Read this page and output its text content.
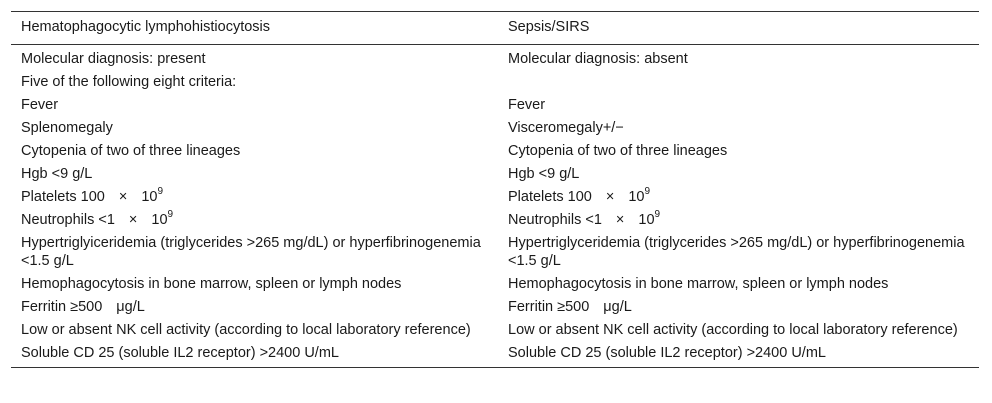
Hematophagocytic lymphohistiocytosis	Sepsis/SIRS
Molecular diagnosis: present	Molecular diagnosis: absent
Five of the following eight criteria:	
Fever	Fever
Splenomegaly	Visceromegaly+/−
Cytopenia of two of three lineages	Cytopenia of two of three lineages
Hgb <9 g/L	Hgb <9 g/L
Platelets $100 \times 10^9$	Platelets $100 \times 10^9$
Neutrophils $<1 \times 10^9$	Neutrophils $<1 \times 10^9$
Hypertriglyiceridemia (triglycerides >265 mg/dL) or hyperfibrinogenemia <1.5 g/L	Hypertriglyceridemia (triglycerides >265 mg/dL) or hyperfibrinogenemia <1.5 g/L
Hemophagocytosis in bone marrow, spleen or lymph nodes	Hemophagocytosis in bone marrow, spleen or lymph nodes
Ferritin ≥500 μg/L	Ferritin ≥500 μg/L
Low or absent NK cell activity (according to local laboratory reference)	Low or absent NK cell activity (according to local laboratory reference)
Soluble CD 25 (soluble IL2 receptor) >2400 U/mL	Soluble CD 25 (soluble IL2 receptor) >2400 U/mL
